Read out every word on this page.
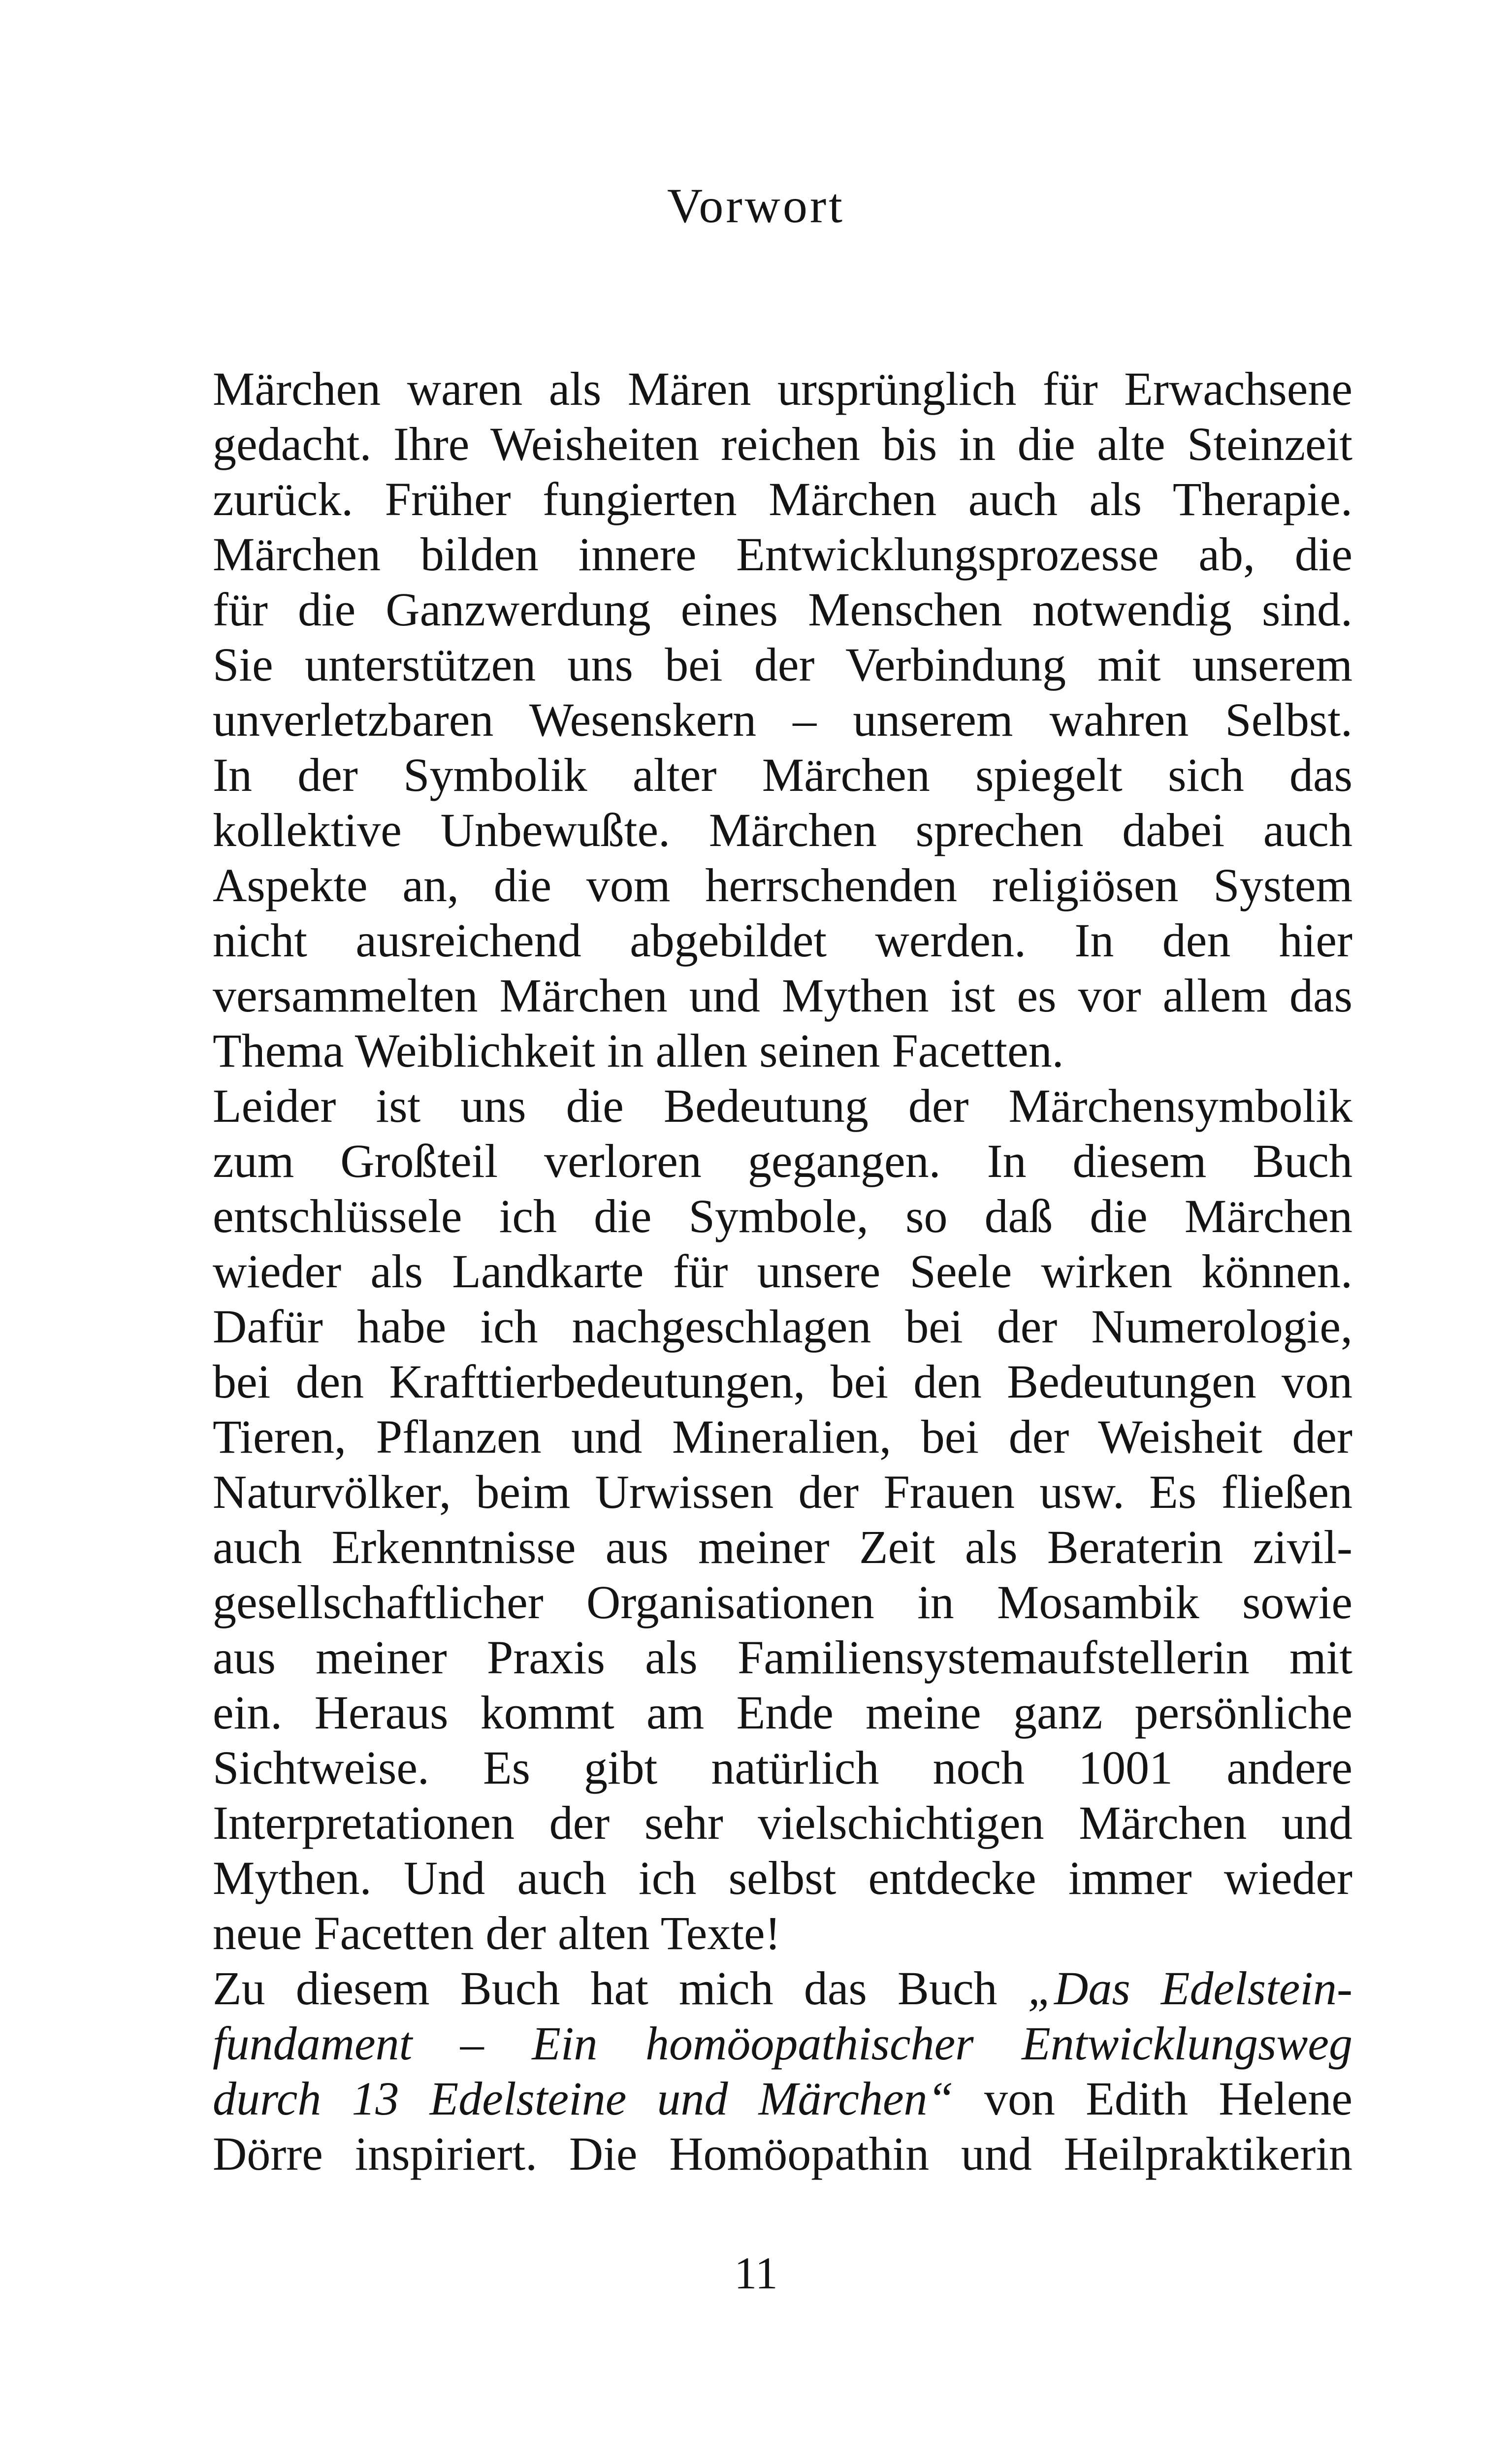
Vorwort
Märchen waren als Mären ursprünglich für Erwachsene
gedacht. Ihre Weisheiten reichen bis in die alte Steinzeit
zurück. Früher fungierten Märchen auch als Therapie.
Märchen bilden innere Entwicklungsprozesse ab, die
für die Ganzwerdung eines Menschen notwendig sind.
Sie unterstützen uns bei der Verbindung mit unserem
unverletzbaren Wesenskern – unserem wahren Selbst.
In der Symbolik alter Märchen spiegelt sich das
kollektive Unbewußte. Märchen sprechen dabei auch
Aspekte an, die vom herrschenden religiösen System
nicht ausreichend abgebildet werden. In den hier
versammelten Märchen und Mythen ist es vor allem das
Thema Weiblichkeit in allen seinen Facetten.
Leider ist uns die Bedeutung der Märchensymbolik
zum Großteil verloren gegangen. In diesem Buch
entschlüssele ich die Symbole, so daß die Märchen
wieder als Landkarte für unsere Seele wirken können.
Dafür habe ich nachgeschlagen bei der Numerologie,
bei den Krafttierbedeutungen, bei den Bedeutungen von
Tieren, Pflanzen und Mineralien, bei der Weisheit der
Naturvölker, beim Urwissen der Frauen usw. Es fließen
auch Erkenntnisse aus meiner Zeit als Beraterin zivil-
gesellschaftlicher Organisationen in Mosambik sowie
aus meiner Praxis als Familiensystemaufstellerin mit
ein. Heraus kommt am Ende meine ganz persönliche
Sichtweise. Es gibt natürlich noch 1001 andere
Interpretationen der sehr vielschichtigen Märchen und
Mythen. Und auch ich selbst entdecke immer wieder
neue Facetten der alten Texte!
Zu diesem Buch hat mich das Buch „Das Edelstein-
fundament – Ein homöopathischer Entwicklungsweg
durch 13 Edelsteine und Märchen“ von Edith Helene
Dörre inspiriert. Die Homöopathin und Heilpraktikerin
11
